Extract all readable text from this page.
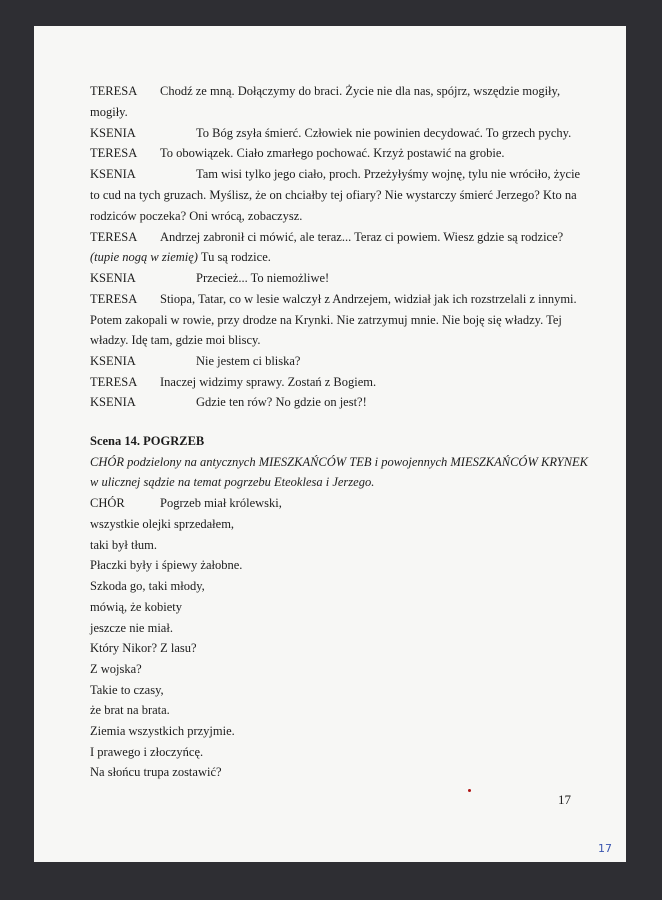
TERESA Chodź ze mną. Dołączymy do braci. Życie nie dla nas, spójrz, wszędzie mogiły,
mogiły.
KSENIA	To Bóg zsyła śmierć. Człowiek nie powinien decydować. To grzech pychy.
TERESA To obowiązek. Ciało zmarłego pochować. Krzyż postawić na grobie.
KSENIA	Tam wisi tylko jego ciało, proch. Przeżyłyśmy wojnę, tylu nie wróciło, życie
to cud na tych gruzach. Myślisz, że on chciałby tej ofiary? Nie wystarczy śmierć Jerzego? Kto na
rodziców poczeka? Oni wrócą, zobaczysz.
TERESA Andrzej zabronił ci mówić, ale teraz... Teraz ci powiem. Wiesz gdzie są rodzice?
(tupie nogą w ziemię) Tu są rodzice.
KSENIA	Przecież... To niemożliwe!
TERESA Stiopa, Tatar, co w lesie walczył z Andrzejem, widział jak ich rozstrzelali z innymi.
Potem zakopali w rowie, przy drodze na Krynki. Nie zatrzymuj mnie. Nie boję się władzy. Tej
władzy. Idę tam, gdzie moi bliscy.
KSENIA	Nie jestem ci bliska?
TERESA Inaczej widzimy sprawy. Zostań z Bogiem.
KSENIA	Gdzie ten rów? No gdzie on jest?!
Scena 14. POGRZEB
CHÓR podzielony na antycznych MIESZKAŃCÓW TEB i powojennych MIESZKAŃCÓW KRYNEK
w ulicznej sądzie na temat pogrzebu Eteoklesa i Jerzego.
CHÓR	Pogrzeb miał królewski,
wszystkie olejki sprzedałem,
taki był tłum.
Płaczki były i śpiewy żałobne.
Szkoda go, taki młody,
mówią, że kobiety
jeszcze nie miał.
Który Nikor? Z lasu?
Z wojska?
Takie to czasy,
że brat na brata.
Ziemia wszystkich przyjmie.
I prawego i złoczyńcę.
Na słońcu trupa zostawić?
17
17
